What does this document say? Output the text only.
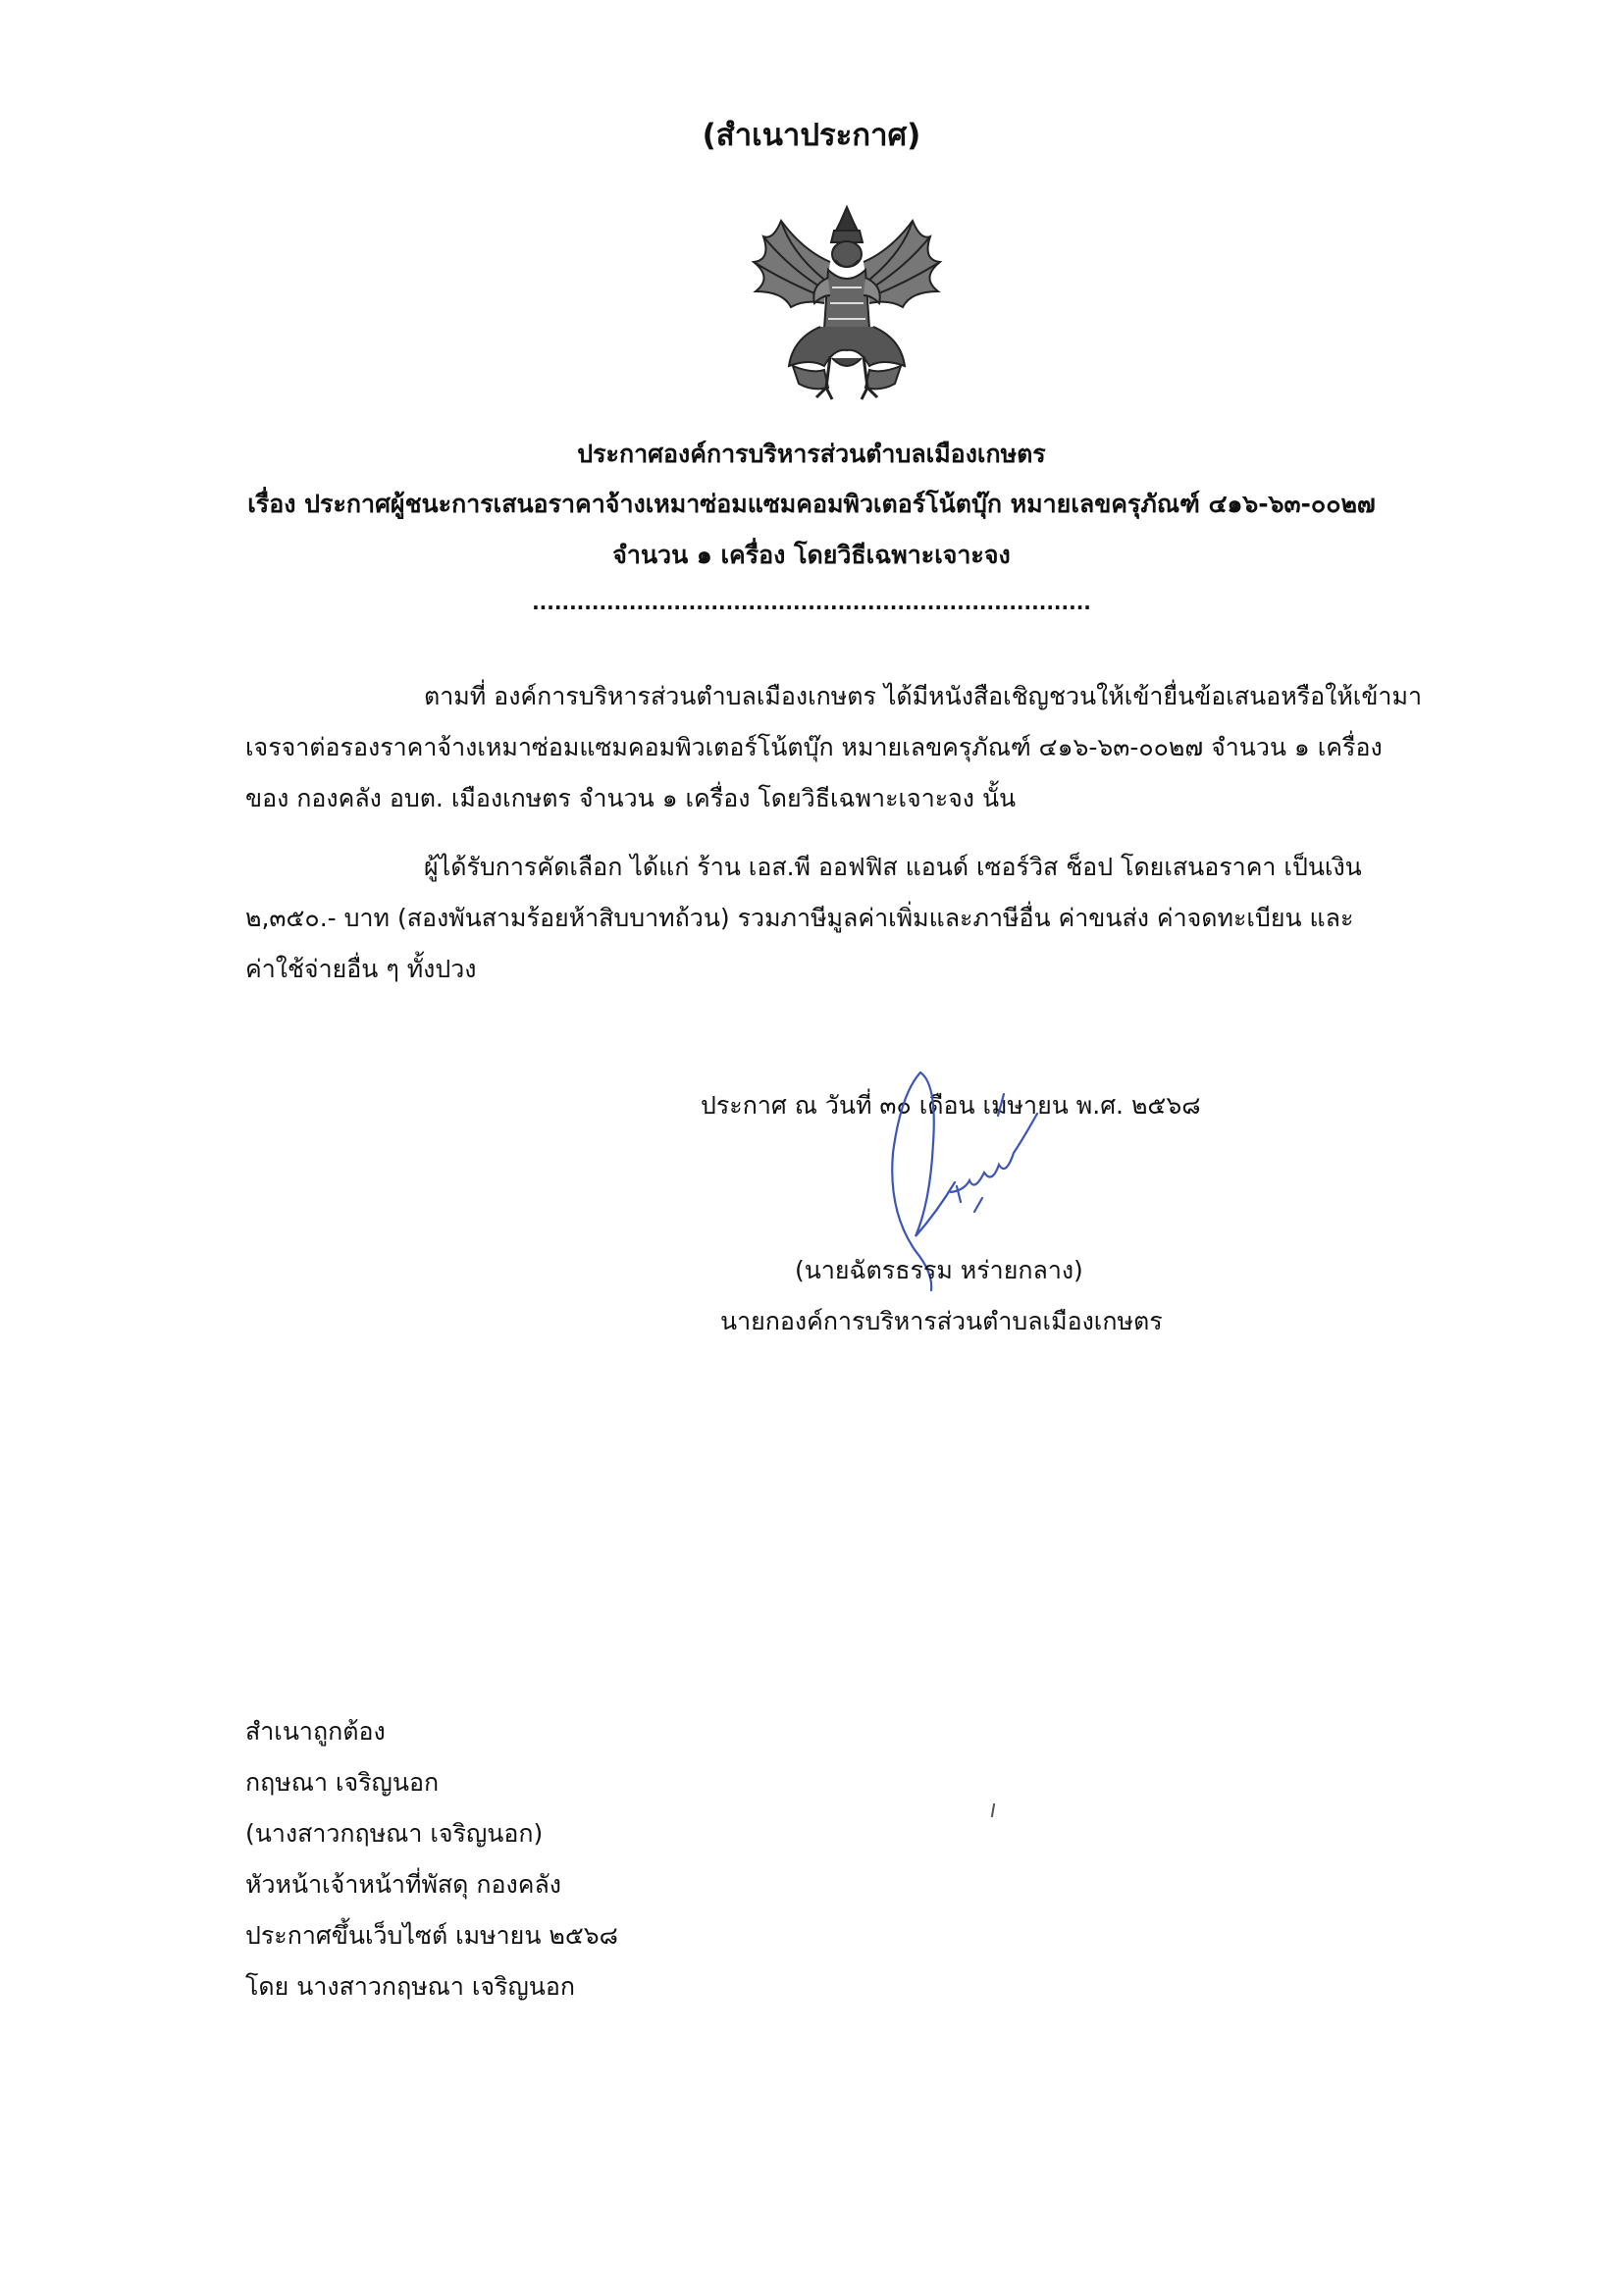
(สำเนาประกาศ)
ประกาศองค์การบริหารส่วนตำบลเมืองเกษตร
เรื่อง ประกาศผู้ชนะการเสนอราคาจ้างเหมาซ่อมแซมคอมพิวเตอร์โน้ตบุ๊ก หมายเลขครุภัณฑ์ ๔๑๖-๖๓-๐๐๒๗
จำนวน ๑ เครื่อง โดยวิธีเฉพาะเจาะจง
...........................................................................
ตามที่ องค์การบริหารส่วนตำบลเมืองเกษตร ได้มีหนังสือเชิญชวนให้เข้ายื่นข้อเสนอหรือให้เข้ามา
เจรจาต่อรองราคาจ้างเหมาซ่อมแซมคอมพิวเตอร์โน้ตบุ๊ก หมายเลขครุภัณฑ์ ๔๑๖-๖๓-๐๐๒๗ จำนวน ๑ เครื่อง
ของ กองคลัง อบต. เมืองเกษตร จำนวน ๑ เครื่อง โดยวิธีเฉพาะเจาะจง นั้น
ผู้ได้รับการคัดเลือก ได้แก่ ร้าน เอส.พี ออฟฟิส แอนด์ เซอร์วิส ช็อป โดยเสนอราคา เป็นเงิน
๒,๓๕๐.- บาท (สองพันสามร้อยห้าสิบบาทถ้วน) รวมภาษีมูลค่าเพิ่มและภาษีอื่น ค่าขนส่ง ค่าจดทะเบียน และ
ค่าใช้จ่ายอื่น ๆ ทั้งปวง
ประกาศ ณ วันที่ ๓๐ เดือน เมษายน พ.ศ. ๒๕๖๘
(นายฉัตรธรรม หร่ายกลาง)
นายกองค์การบริหารส่วนตำบลเมืองเกษตร
สำเนาถูกต้อง
กฤษณา เจริญนอก
(นางสาวกฤษณา เจริญนอก)
หัวหน้าเจ้าหน้าที่พัสดุ กองคลัง
ประกาศขึ้นเว็บไซต์ เมษายน ๒๕๖๘
โดย นางสาวกฤษณา เจริญนอก
